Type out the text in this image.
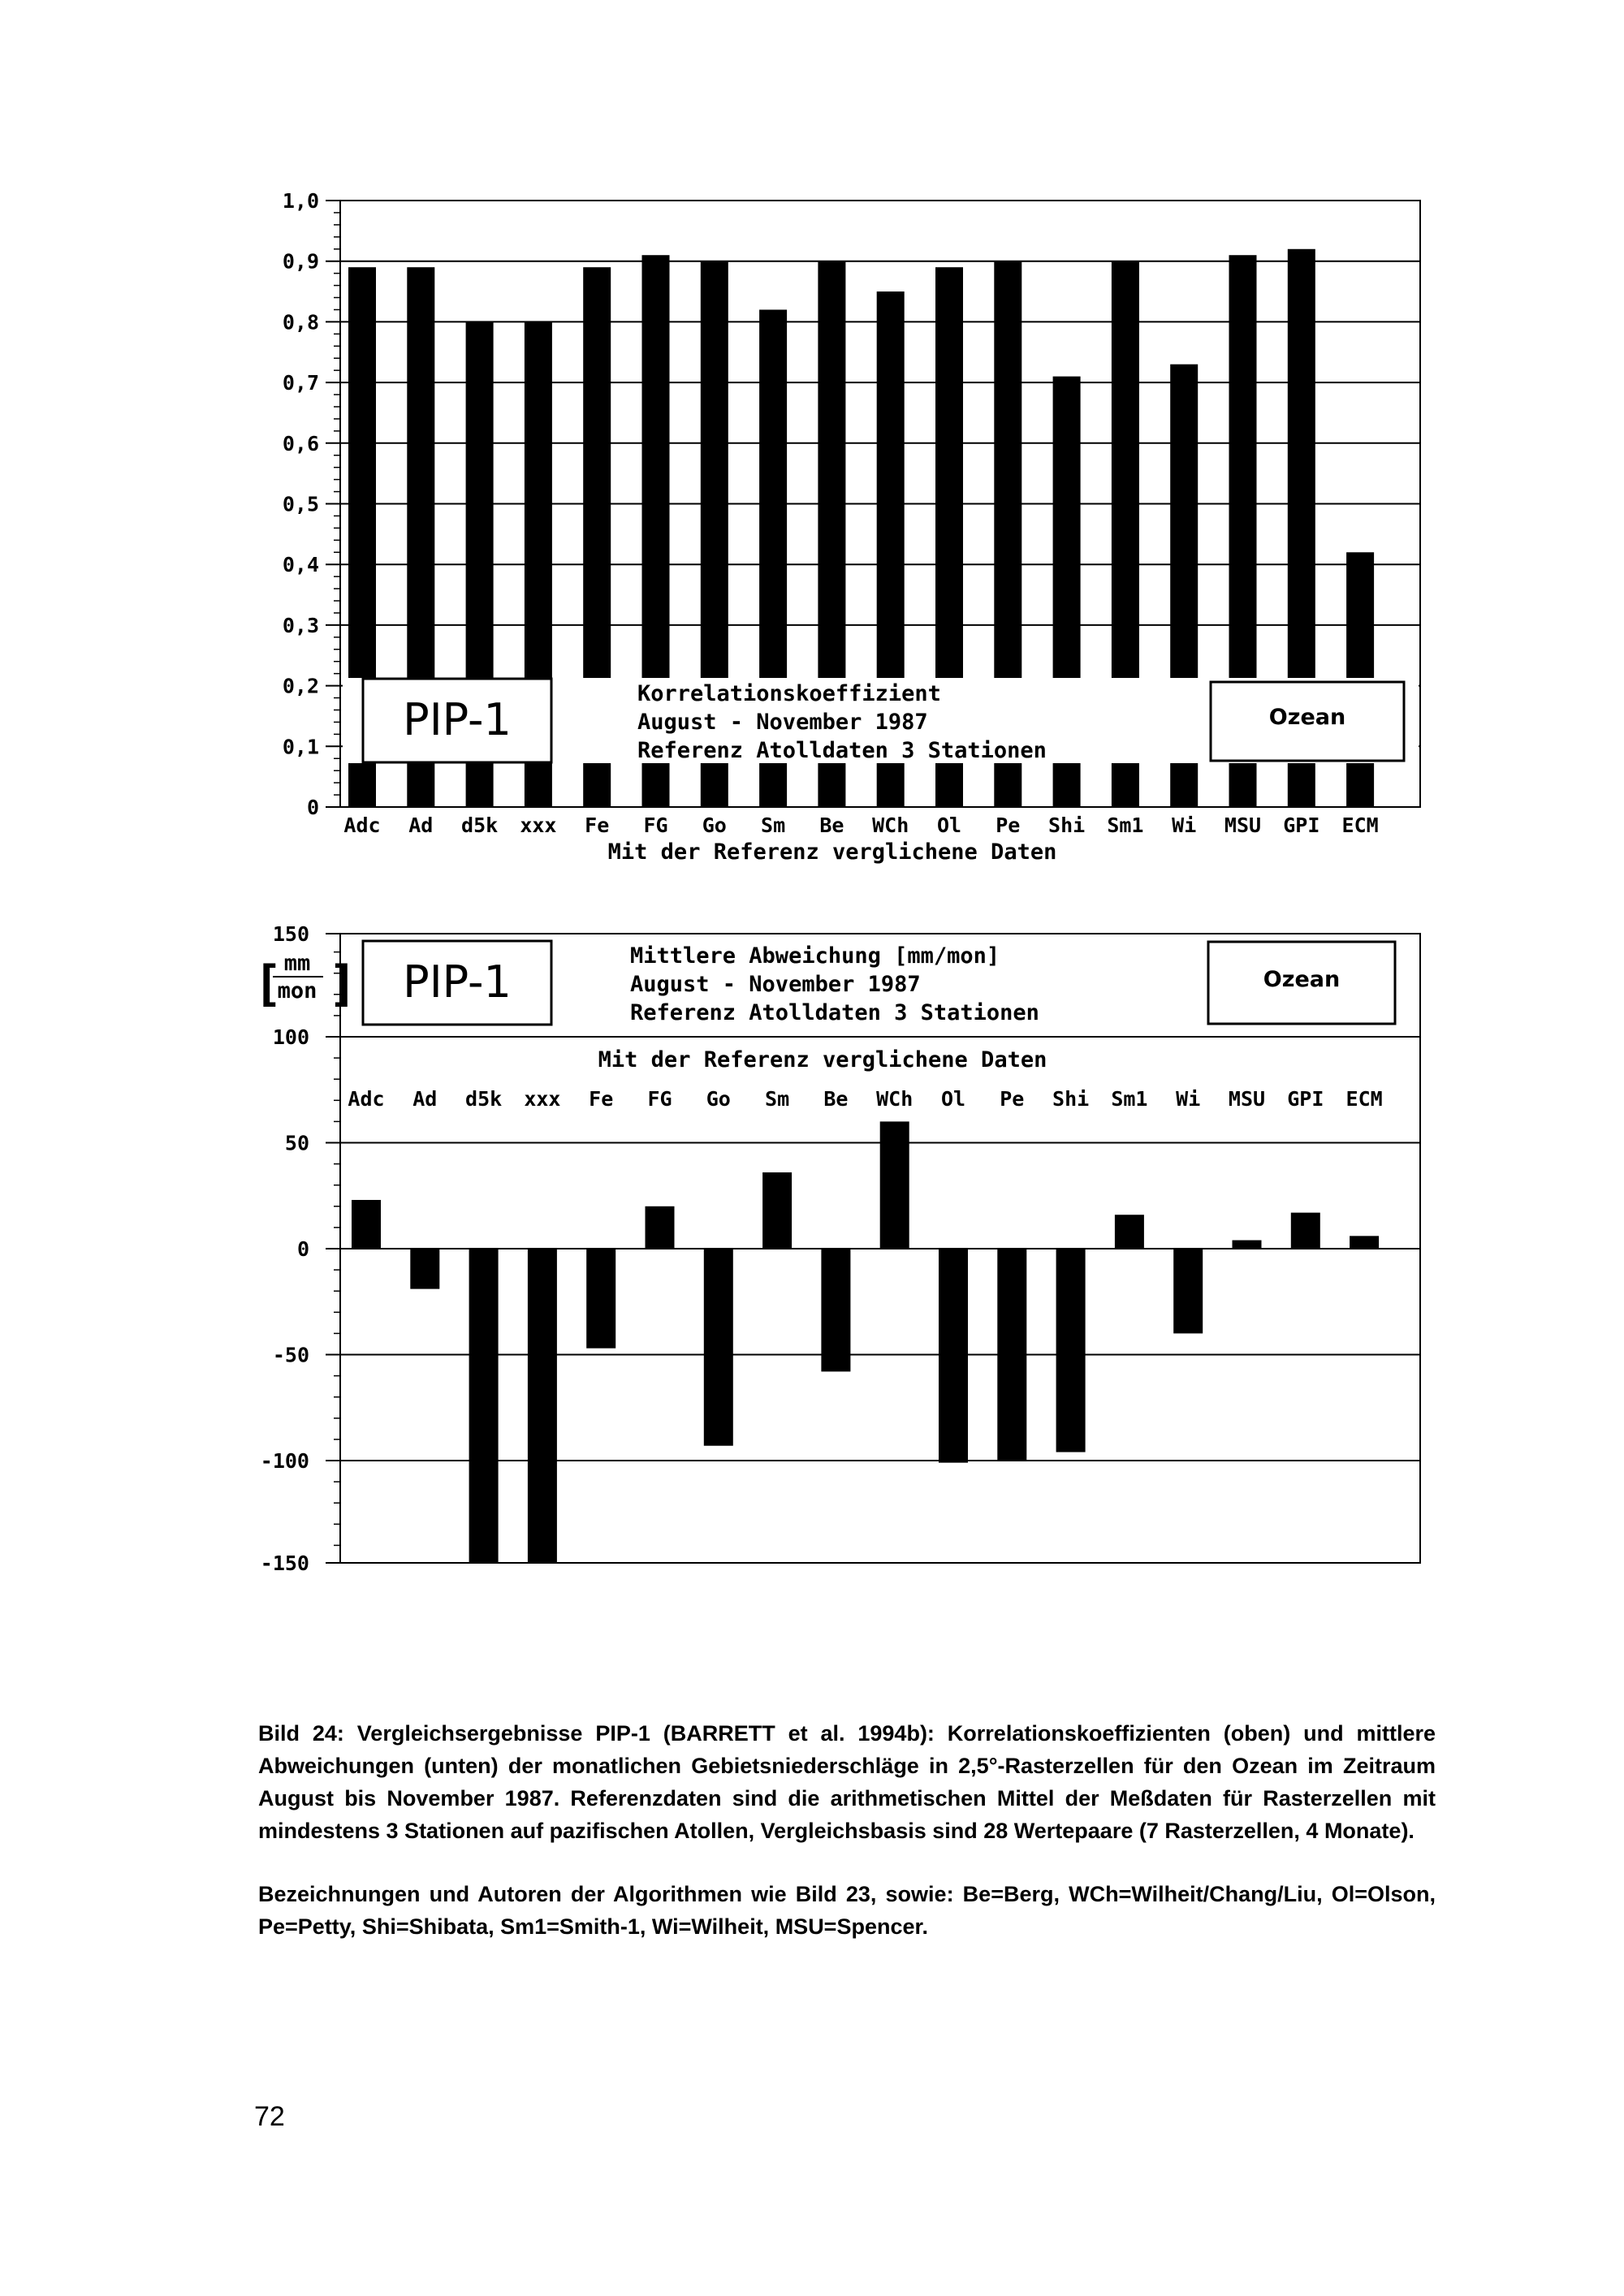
0
0,1
0,2
0,3
0,4
0,5
0,6
0,7
0,8
0,9
1,0
PIP-1
Korrelationskoeffizient
August - November 1987
Referenz Atolldaten 3 Stationen
Ozean
Adc Ad d5k xxx Fe FG Go Sm Be WCh Ol Pe Shi Sm1 Wi MSU GPI ECM
Mit der Referenz verglichene Daten
150
100
50
0
-50
-100
-150
PIP-1
Mittlere Abweichung [mm/mon]
August - November 1987
Referenz Atolldaten 3 Stationen
Ozean
Mit der Referenz verglichene Daten
Adc Ad d5k xxx Fe FG Go Sm Be WCh Ol Pe Shi Sm1 Wi MSU GPI ECM
[ ]
mm
mon

Bild 24: Vergleichsergebnisse PIP-1 (BARRETT et al. 1994b): Korrelationskoeffizienten (oben) und mittlere Abweichungen (unten) der monatlichen Gebietsniederschläge in 2,5°-Rasterzellen für den Ozean im Zeitraum August bis November 1987. Referenzdaten sind die arithmetischen Mittel der Meßdaten für Rasterzellen mit mindestens 3 Stationen auf pazifischen Atollen, Vergleichsbasis sind 28 Wertepaare (7 Rasterzellen, 4 Monate).

Bezeichnungen und Autoren der Algorithmen wie Bild 23, sowie: Be=Berg, WCh=Wilheit/Chang/Liu, Ol=Olson, Pe=Petty, Shi=Shibata, Sm1=Smith-1, Wi=Wilheit, MSU=Spencer.

72
